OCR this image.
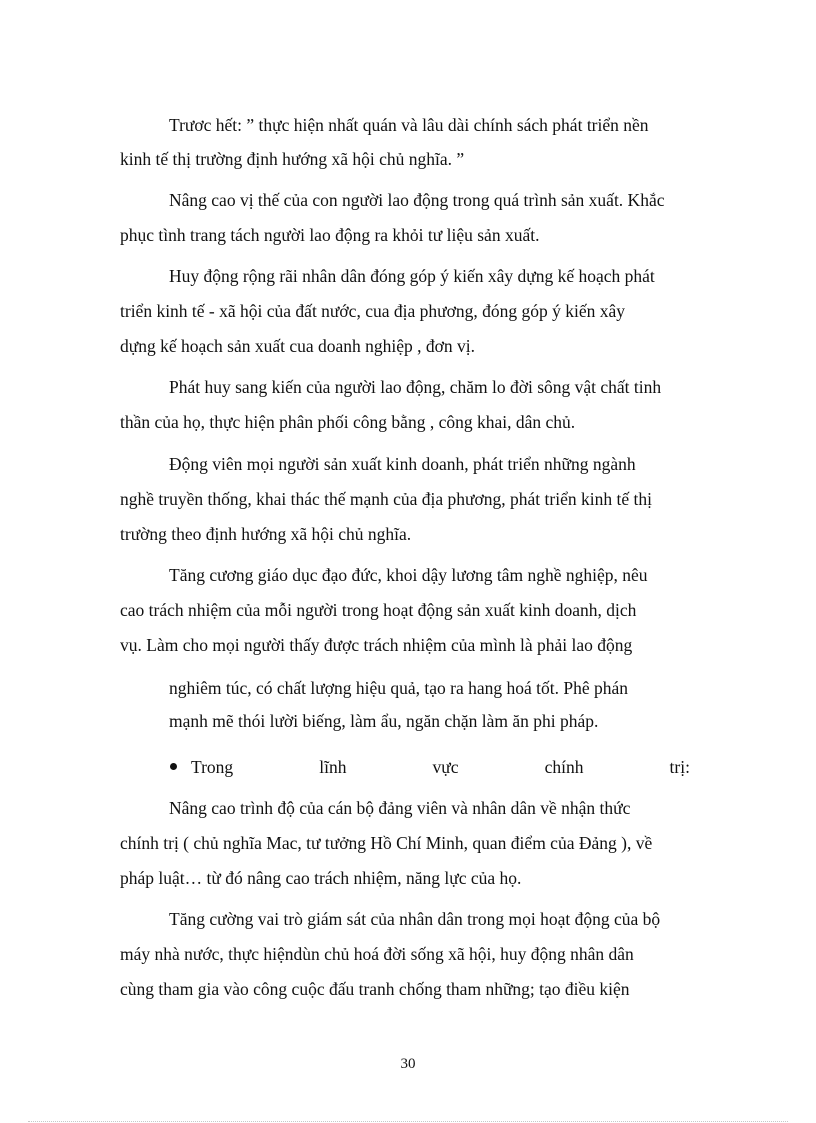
Trươc hết: ” thực hiện nhất quán và lâu dài chính sách phát triển nền
kinh tế thị trường định hướng xã hội chủ nghĩa. ”
Nâng cao vị thế của con người lao động trong quá trình sản xuất. Khắc
phục tình trang tách người lao động ra khỏi tư liệu sản xuất.
Huy động rộng rãi nhân dân đóng góp ý kiến xây dựng kế hoạch phát
triển kinh tế - xã hội của đất nước, cua địa phương, đóng góp ý kiến xây
dựng kế hoạch sản xuất cua doanh nghiệp , đơn vị.
Phát huy sang kiến của người lao động, chăm lo đời sông vật chất tinh
thần của họ, thực hiện phân phối công bằng , công khai, dân chủ.
Động viên mọi người sản xuất kinh doanh, phát triển những ngành
nghề truyền thống, khai thác thế mạnh của địa phương, phát triển kinh tế thị
trường theo định hướng xã hội chủ nghĩa.
Tăng cương giáo dục đạo đức, khoi dậy lương tâm nghề nghiệp, nêu
cao trách nhiệm của mỗi người trong hoạt động sản xuất kinh doanh, dịch
vụ. Làm cho mọi người thấy được trách nhiệm của mình là phải lao động
nghiêm túc, có chất lượng hiệu quả, tạo ra hang hoá tốt. Phê phán
mạnh mẽ thói lười biếng, làm ẩu, ngăn chặn làm ăn phi pháp.
Trong	lĩnh	vực	chính	trị:
Nâng cao trình độ của cán bộ đảng viên và nhân dân về nhận thức
chính trị ( chủ nghĩa Mac, tư tưởng Hồ Chí Minh, quan điểm của Đảng ), về
pháp luật… từ đó nâng cao trách nhiệm, năng lực của họ.
Tăng cường vai trò giám sát của nhân dân trong mọi hoạt động của bộ
máy nhà nước, thực hiệndùn chủ hoá đời sống xã hội, huy động nhân dân
cùng tham gia vào công cuộc đấu tranh chống tham những; tạo điều kiện
30
